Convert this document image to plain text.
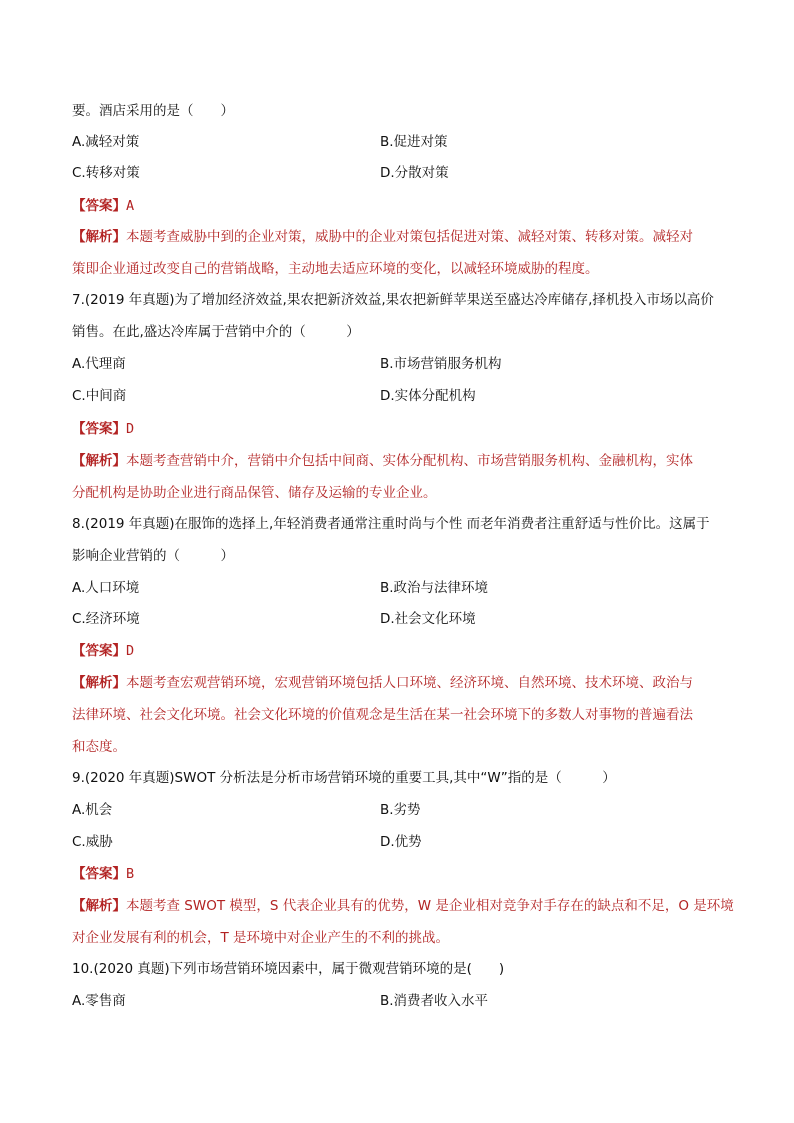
要。酒店采用的是（　　）
A.减轻对策	B.促进对策
C.转移对策	D.分散对策
【答案】A
【解析】本题考查威胁中到的企业对策，威胁中的企业对策包括促进对策、减轻对策、转移对策。减轻对
策即企业通过改变自己的营销战略，主动地去适应环境的变化，以减轻环境威胁的程度。
7.(2019 年真题)为了增加经济效益,果农把新济效益,果农把新鲜苹果送至盛达冷库储存,择机投入市场以高价
销售。在此,盛达冷库属于营销中介的（　　　）
A.代理商	B.市场营销服务机构
C.中间商	D.实体分配机构
【答案】D
【解析】本题考查营销中介，营销中介包括中间商、实体分配机构、市场营销服务机构、金融机构，实体
分配机构是协助企业进行商品保管、储存及运输的专业企业。
8.(2019 年真题)在服饰的选择上,年轻消费者通常注重时尚与个性 而老年消费者注重舒适与性价比。这属于
影响企业营销的（　　　）
A.人口环境	B.政治与法律环境
C.经济环境	D.社会文化环境
【答案】D
【解析】本题考查宏观营销环境，宏观营销环境包括人口环境、经济环境、自然环境、技术环境、政治与
法律环境、社会文化环境。社会文化环境的价值观念是生活在某一社会环境下的多数人对事物的普遍看法
和态度。
9.(2020 年真题)SWOT 分析法是分析市场营销环境的重要工具,其中“W”指的是（　　　）
A.机会	B.劣势
C.威胁	D.优势
【答案】B
【解析】本题考查 SWOT 模型，S 代表企业具有的优势，W 是企业相对竞争对手存在的缺点和不足，O 是环境
对企业发展有利的机会，T 是环境中对企业产生的不利的挑战。
10.(2020 真题)下列市场营销环境因素中，属于微观营销环境的是(　　)
A.零售商	B.消费者收入水平
